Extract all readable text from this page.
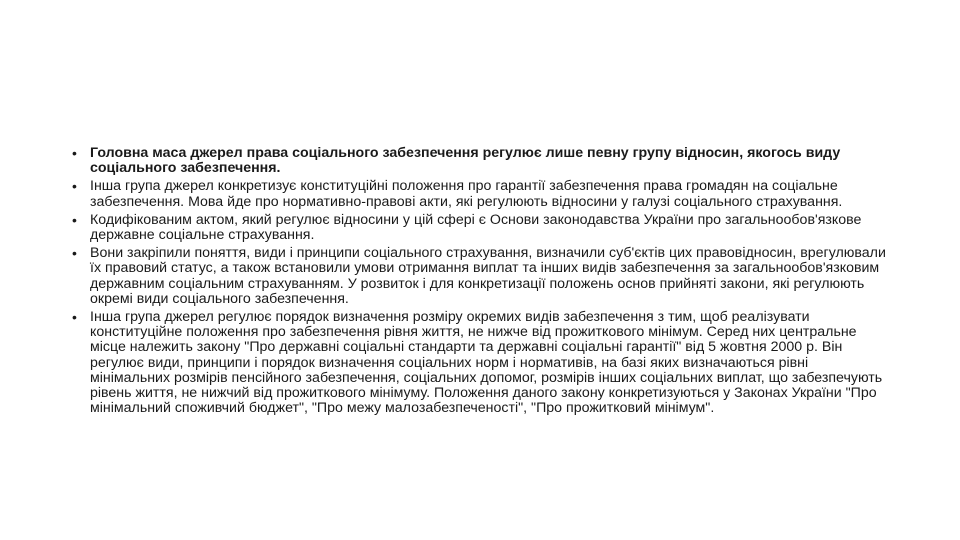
• Головна маса джерел права соціального забезпечення регулює лише певну групу відносин, якогось виду соціального забезпечення.
• Інша група джерел конкретизує конституційні положення про гарантії забезпечення права громадян на соціальне забезпечення. Мова йде про нормативно-правові акти, які регулюють відносини у галузі соціального страхування.
• Кодифікованим актом, який регулює відносини у цій сфері є Основи законодавства України про загальнообов'язкове державне соціальне страхування.
• Вони закріпили поняття, види і принципи соціального страхування, визначили суб'єктів цих правовідносин, врегулювали їх правовий статус, а також встановили умови отримання виплат та інших видів забезпечення за загальнообов'язковим державним соціальним страхуванням. У розвиток і для конкретизації положень основ прийняті закони, які регулюють окремі види соціального забезпечення.
• Інша група джерел регулює порядок визначення розміру окремих видів забезпечення з тим, щоб реалізувати конституційне положення про забезпечення рівня життя, не нижче від прожиткового мінімум. Серед них центральне місце належить закону "Про державні соціальні стандарти та державні соціальні гарантії" від 5 жовтня 2000 р. Він регулює види, принципи і порядок визначення соціальних норм і нормативів, на базі яких визначаються рівні мінімальних розмірів пенсійного забезпечення, соціальних допомог, розмірів інших соціальних виплат, що забезпечують рівень життя, не нижчий від прожиткового мінімуму. Положення даного закону конкретизуються у Законах України "Про мінімальний споживчий бюджет", "Про межу малозабезпеченості", "Про прожитковий мінімум".
